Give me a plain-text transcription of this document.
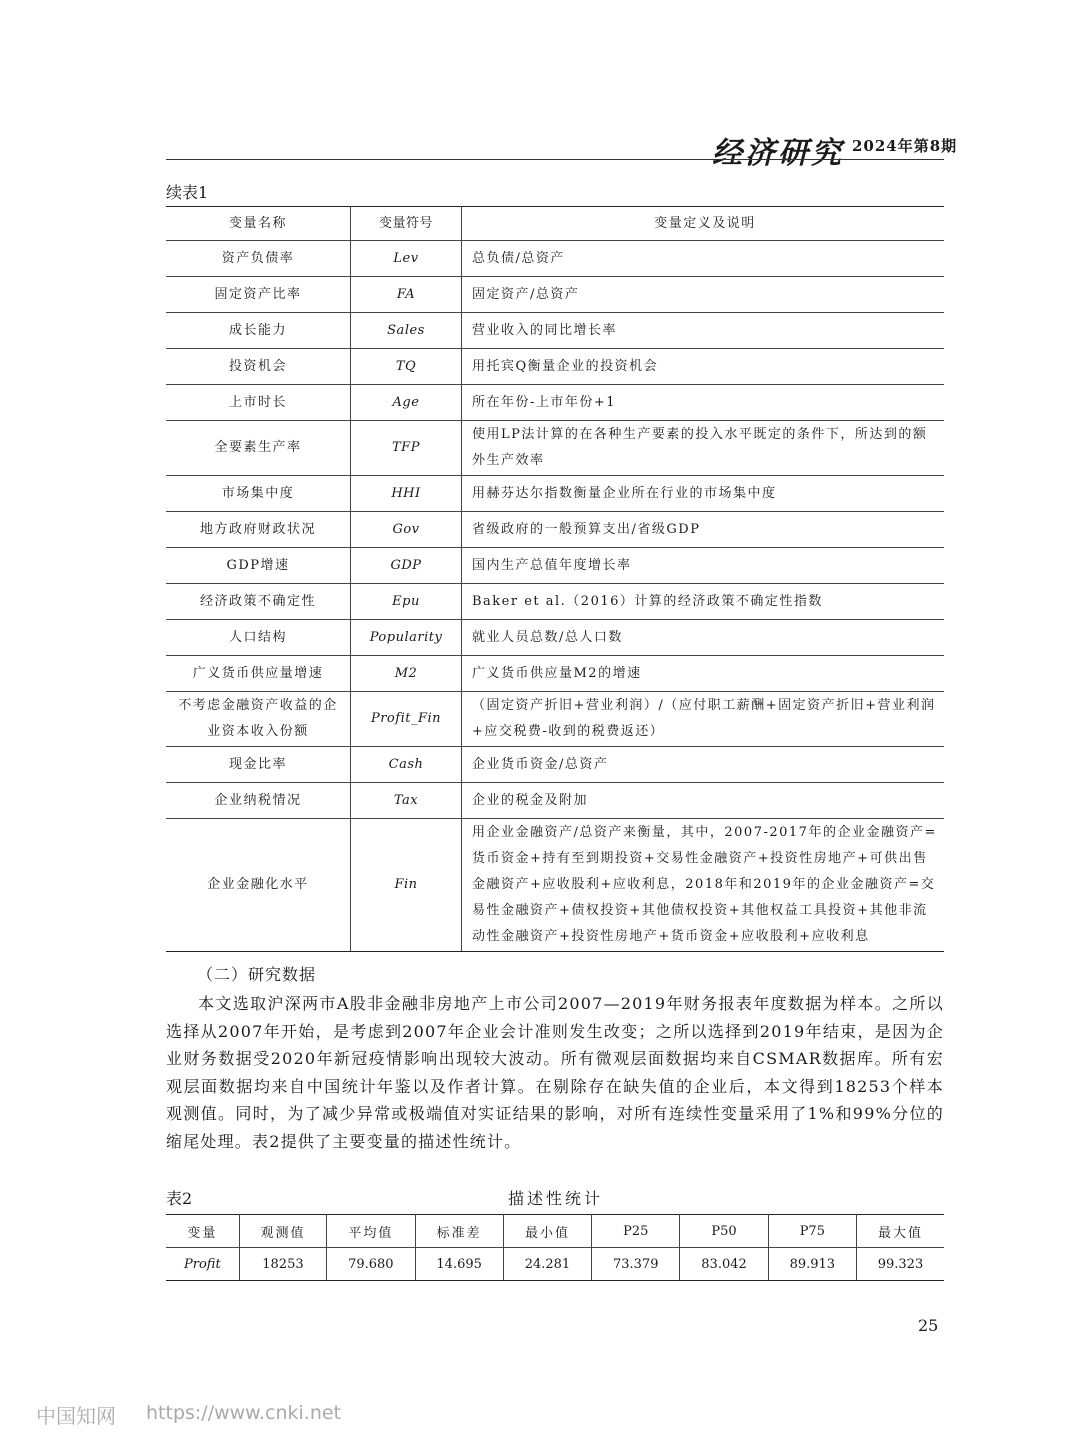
经济研究 2024年第8期
续表1
变量名称	变量符号	变量定义及说明
资产负债率	Lev	总负债/总资产
固定资产比率	FA	固定资产/总资产
成长能力	Sales	营业收入的同比增长率
投资机会	TQ	用托宾Q衡量企业的投资机会
上市时长	Age	所在年份-上市年份+1
全要素生产率	TFP	使用LP法计算的在各种生产要素的投入水平既定的条件下，所达到的额外生产效率
市场集中度	HHI	用赫芬达尔指数衡量企业所在行业的市场集中度
地方政府财政状况	Gov	省级政府的一般预算支出/省级GDP
GDP增速	GDP	国内生产总值年度增长率
经济政策不确定性	Epu	Baker et al.（2016）计算的经济政策不确定性指数
人口结构	Popularity	就业人员总数/总人口数
广义货币供应量增速	M2	广义货币供应量M2的增速
不考虑金融资产收益的企业资本收入份额	Profit_Fin	（固定资产折旧+营业利润）/（应付职工薪酬+固定资产折旧+营业利润+应交税费-收到的税费返还）
现金比率	Cash	企业货币资金/总资产
企业纳税情况	Tax	企业的税金及附加
企业金融化水平	Fin	用企业金融资产/总资产来衡量，其中，2007-2017年的企业金融资产=货币资金+持有至到期投资+交易性金融资产+投资性房地产+可供出售金融资产+应收股利+应收利息，2018年和2019年的企业金融资产=交易性金融资产+债权投资+其他债权投资+其他权益工具投资+其他非流动性金融资产+投资性房地产+货币资金+应收股利+应收利息
（二）研究数据
本文选取沪深两市A股非金融非房地产上市公司2007—2019年财务报表年度数据为样本。之所以选择从2007年开始，是考虑到2007年企业会计准则发生改变；之所以选择到2019年结束，是因为企业财务数据受2020年新冠疫情影响出现较大波动。所有微观层面数据均来自CSMAR数据库。所有宏观层面数据均来自中国统计年鉴以及作者计算。在剔除存在缺失值的企业后，本文得到18253个样本观测值。同时，为了减少异常或极端值对实证结果的影响，对所有连续性变量采用了1%和99%分位的缩尾处理。表2提供了主要变量的描述性统计。
表2	描述性统计
变量	观测值	平均值	标准差	最小值	P25	P50	P75	最大值
Profit	18253	79.680	14.695	24.281	73.379	83.042	89.913	99.323
25
中国知网 https://www.cnki.net
